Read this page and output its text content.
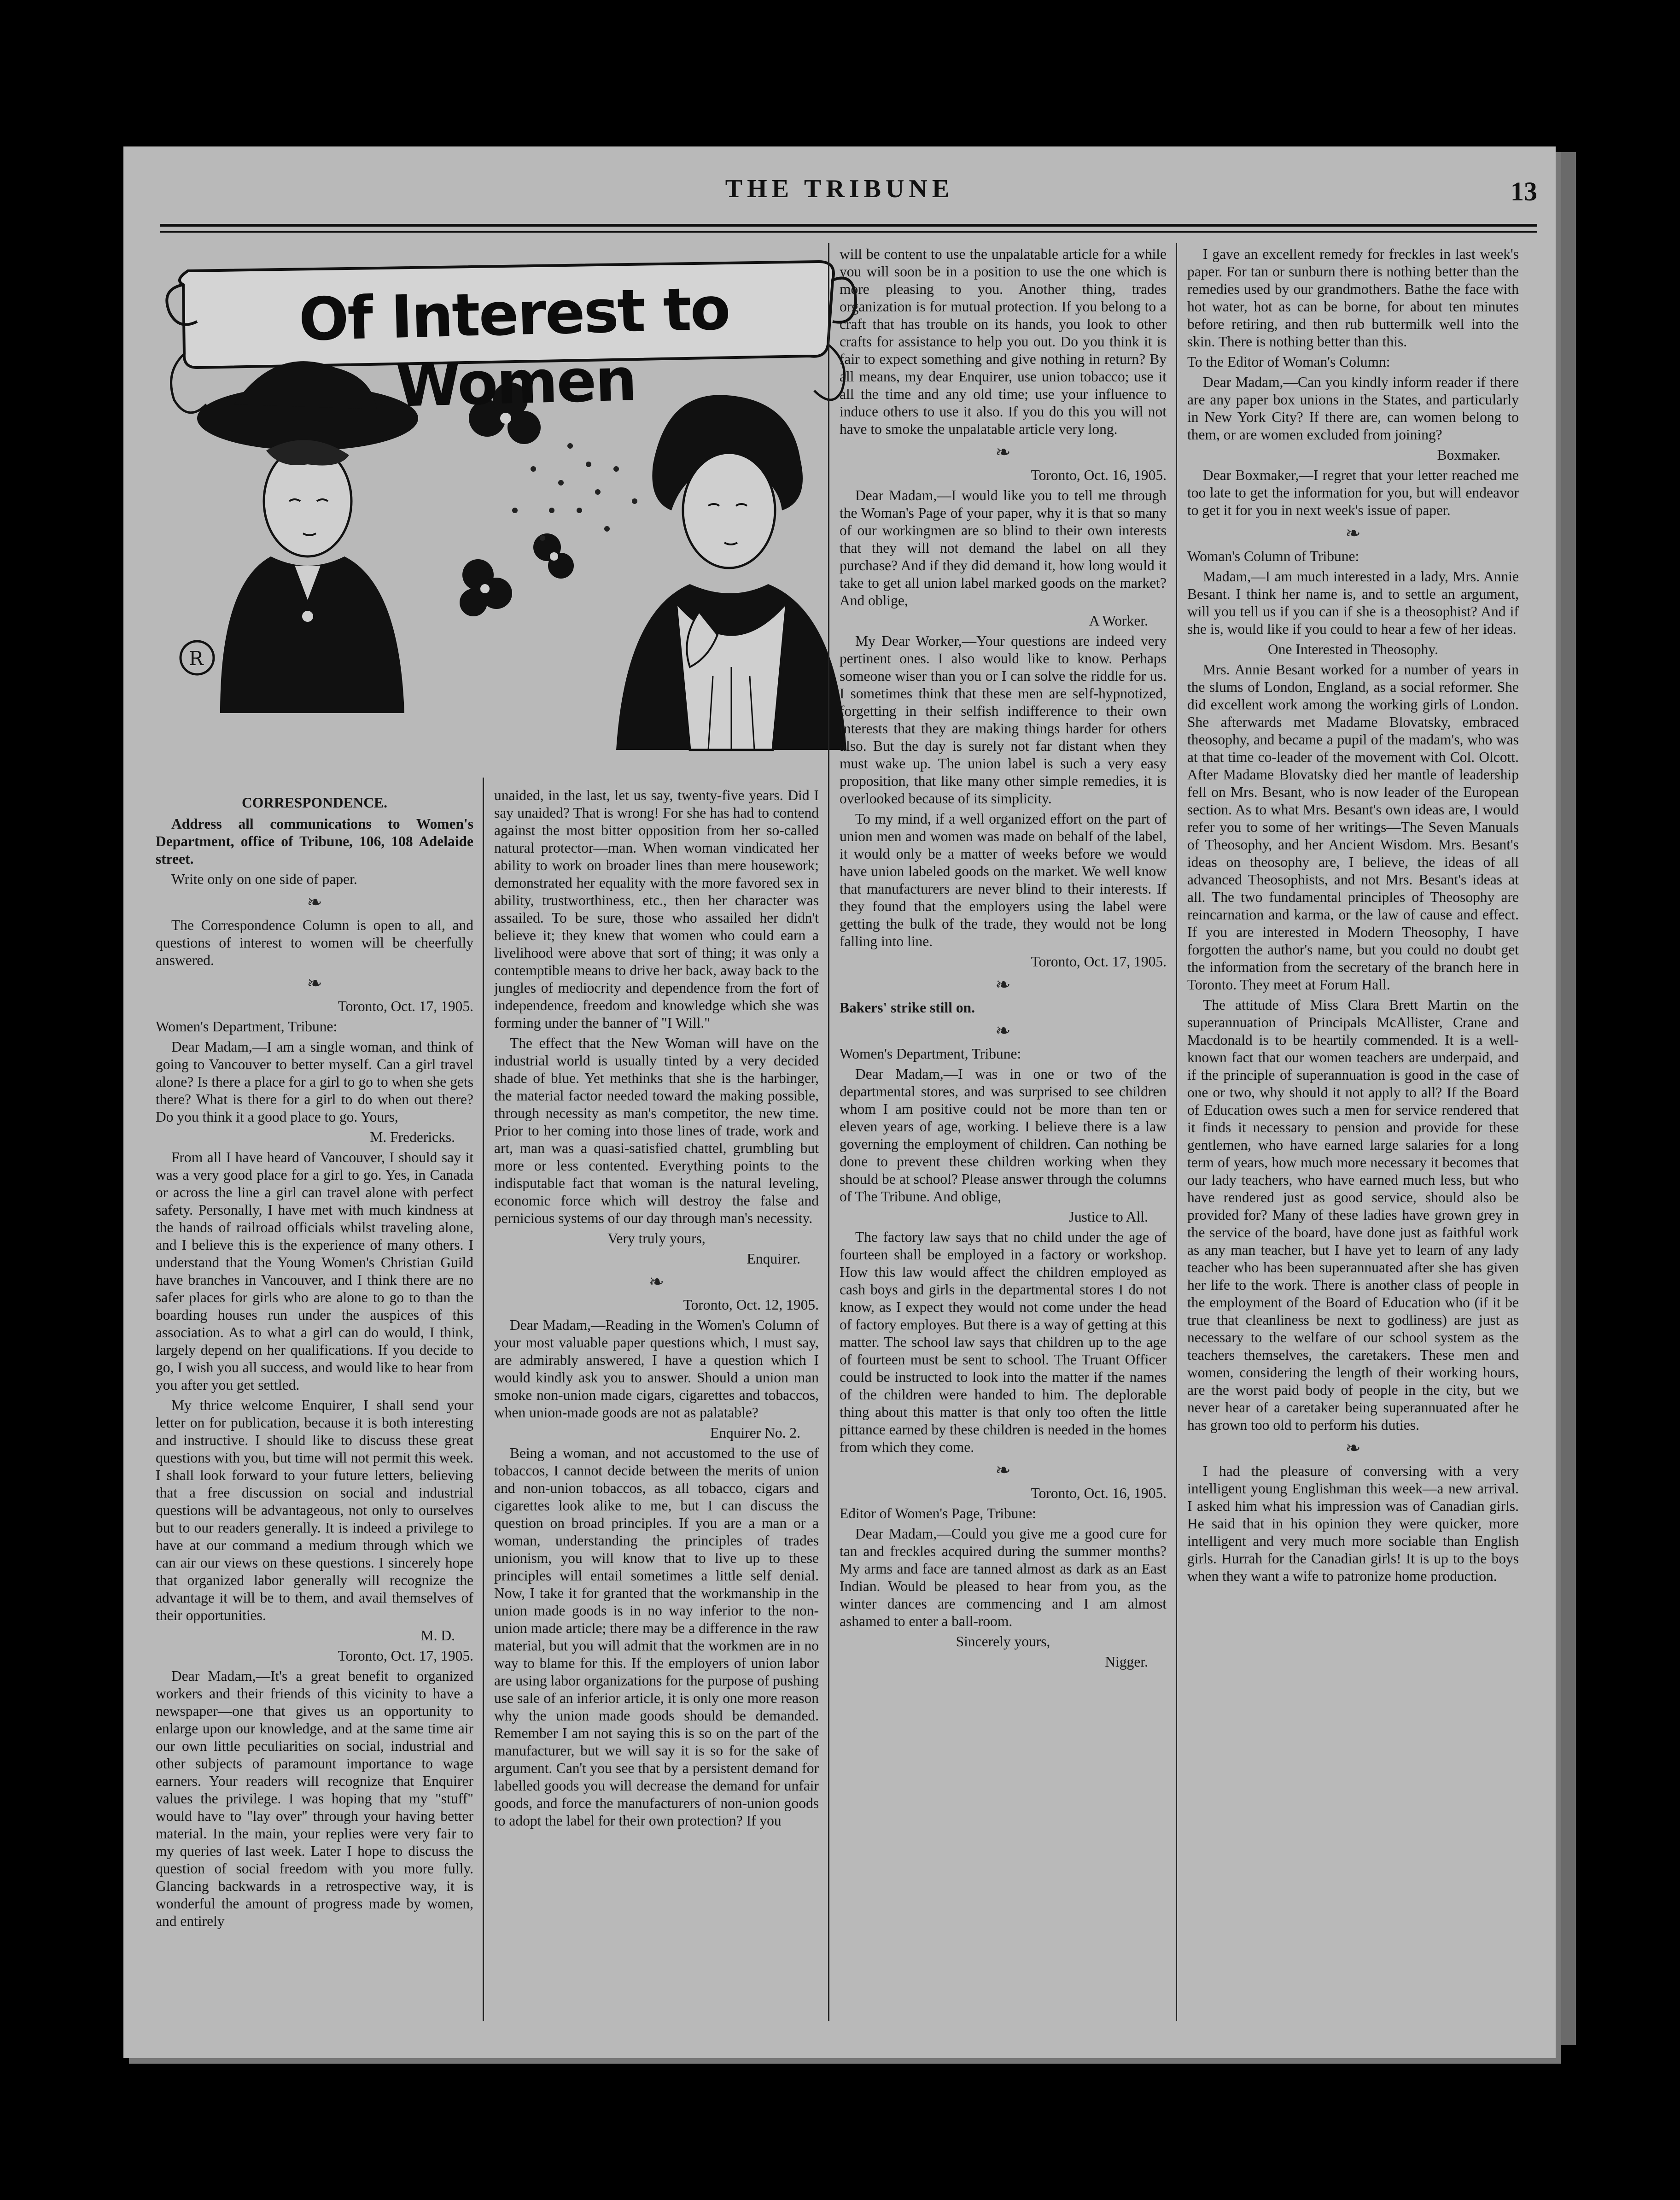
THE TRIBUNE	13
R
Of Interest to Women

CORRESPONDENCE.

Address all communications to Women's Department, office of Tribune, 106, 108 Adelaide street.

Write only on one side of paper.

❧

The Correspondence Column is open to all, and questions of interest to women will be cheerfully answered.

❧

Toronto, Oct. 17, 1905.

Women's Department, Tribune:

Dear Madam,—I am a single woman, and think of going to Vancouver to better myself. Can a girl travel alone? Is there a place for a girl to go to when she gets there? What is there for a girl to do when out there? Do you think it a good place to go. Yours,

M. Fredericks.

From all I have heard of Vancouver, I should say it was a very good place for a girl to go. Yes, in Canada or across the line a girl can travel alone with perfect safety. Personally, I have met with much kindness at the hands of railroad officials whilst traveling alone, and I believe this is the experience of many others. I understand that the Young Women's Christian Guild have branches in Vancouver, and I think there are no safer places for girls who are alone to go to than the boarding houses run under the auspices of this association. As to what a girl can do would, I think, largely depend on her qualifications. If you decide to go, I wish you all success, and would like to hear from you after you get settled.

My thrice welcome Enquirer, I shall send your letter on for publication, because it is both interesting and instructive. I should like to discuss these great questions with you, but time will not permit this week. I shall look forward to your future letters, believing that a free discussion on social and industrial questions will be advantageous, not only to ourselves but to our readers generally. It is indeed a privilege to have at our command a medium through which we can air our views on these questions. I sincerely hope that organized labor generally will recognize the advantage it will be to them, and avail themselves of their opportunities.

M. D.

Toronto, Oct. 17, 1905.

Dear Madam,—It's a great benefit to organized workers and their friends of this vicinity to have a newspaper—one that gives us an opportunity to enlarge upon our knowledge, and at the same time air our own little peculiarities on social, industrial and other subjects of paramount importance to wage earners. Your readers will recognize that Enquirer values the privilege. I was hoping that my "stuff" would have to "lay over" through your having better material. In the main, your replies were very fair to my queries of last week. Later I hope to discuss the question of social freedom with you more fully. Glancing backwards in a retrospective way, it is wonderful the amount of progress made by women, and entirely

unaided, in the last, let us say, twenty-five years. Did I say unaided? That is wrong! For she has had to contend against the most bitter opposition from her so-called natural protector—man. When woman vindicated her ability to work on broader lines than mere housework; demonstrated her equality with the more favored sex in ability, trustworthiness, etc., then her character was assailed. To be sure, those who assailed her didn't believe it; they knew that women who could earn a livelihood were above that sort of thing; it was only a contemptible means to drive her back, away back to the jungles of mediocrity and dependence from the fort of independence, freedom and knowledge which she was forming under the banner of "I Will."

The effect that the New Woman will have on the industrial world is usually tinted by a very decided shade of blue. Yet methinks that she is the harbinger, the material factor needed toward the making possible, through necessity as man's competitor, the new time. Prior to her coming into those lines of trade, work and art, man was a quasi-satisfied chattel, grumbling but more or less contented. Everything points to the indisputable fact that woman is the natural leveling, economic force which will destroy the false and pernicious systems of our day through man's necessity.

Very truly yours,

Enquirer.

❧

Toronto, Oct. 12, 1905.

Dear Madam,—Reading in the Women's Column of your most valuable paper questions which, I must say, are admirably answered, I have a question which I would kindly ask you to answer. Should a union man smoke non-union made cigars, cigarettes and tobaccos, when union-made goods are not as palatable?

Enquirer No. 2.

Being a woman, and not accustomed to the use of tobaccos, I cannot decide between the merits of union and non-union tobaccos, as all tobacco, cigars and cigarettes look alike to me, but I can discuss the question on broad principles. If you are a man or a woman, understanding the principles of trades unionism, you will know that to live up to these principles will entail sometimes a little self denial. Now, I take it for granted that the workmanship in the union made goods is in no way inferior to the non-union made article; there may be a difference in the raw material, but you will admit that the workmen are in no way to blame for this. If the employers of union labor are using labor organizations for the purpose of pushing use sale of an inferior article, it is only one more reason why the union made goods should be demanded. Remember I am not saying this is so on the part of the manufacturer, but we will say it is so for the sake of argument. Can't you see that by a persistent demand for labelled goods you will decrease the demand for unfair goods, and force the manufacturers of non-union goods to adopt the label for their own protection? If you

will be content to use the unpalatable article for a while you will soon be in a position to use the one which is more pleasing to you. Another thing, trades organization is for mutual protection. If you belong to a craft that has trouble on its hands, you look to other crafts for assistance to help you out. Do you think it is fair to expect something and give nothing in return? By all means, my dear Enquirer, use union tobacco; use it all the time and any old time; use your influence to induce others to use it also. If you do this you will not have to smoke the unpalatable article very long.

❧

Toronto, Oct. 16, 1905.

Dear Madam,—I would like you to tell me through the Woman's Page of your paper, why it is that so many of our workingmen are so blind to their own interests that they will not demand the label on all they purchase? And if they did demand it, how long would it take to get all union label marked goods on the market? And oblige,

A Worker.

My Dear Worker,—Your questions are indeed very pertinent ones. I also would like to know. Perhaps someone wiser than you or I can solve the riddle for us. I sometimes think that these men are self-hypnotized, forgetting in their selfish indifference to their own interests that they are making things harder for others also. But the day is surely not far distant when they must wake up. The union label is such a very easy proposition, that like many other simple remedies, it is overlooked because of its simplicity.

To my mind, if a well organized effort on the part of union men and women was made on behalf of the label, it would only be a matter of weeks before we would have union labeled goods on the market. We well know that manufacturers are never blind to their interests. If they found that the employers using the label were getting the bulk of the trade, they would not be long falling into line.

Toronto, Oct. 17, 1905.

❧

Bakers' strike still on.

❧

Women's Department, Tribune:

Dear Madam,—I was in one or two of the departmental stores, and was surprised to see children whom I am positive could not be more than ten or eleven years of age, working. I believe there is a law governing the employment of children. Can nothing be done to prevent these children working when they should be at school? Please answer through the columns of The Tribune. And oblige,

Justice to All.

The factory law says that no child under the age of fourteen shall be employed in a factory or workshop. How this law would affect the children employed as cash boys and girls in the departmental stores I do not know, as I expect they would not come under the head of factory employes. But there is a way of getting at this matter. The school law says that children up to the age of fourteen must be sent to school. The Truant Officer could be instructed to look into the matter if the names of the children were handed to him. The deplorable thing about this matter is that only too often the little pittance earned by these children is needed in the homes from which they come.

❧

Toronto, Oct. 16, 1905.

Editor of Women's Page, Tribune:

Dear Madam,—Could you give me a good cure for tan and freckles acquired during the summer months? My arms and face are tanned almost as dark as an East Indian. Would be pleased to hear from you, as the winter dances are commencing and I am almost ashamed to enter a ball-room.

Sincerely yours,

Nigger.

I gave an excellent remedy for freckles in last week's paper. For tan or sunburn there is nothing better than the remedies used by our grandmothers. Bathe the face with hot water, hot as can be borne, for about ten minutes before retiring, and then rub buttermilk well into the skin. There is nothing better than this.

To the Editor of Woman's Column:

Dear Madam,—Can you kindly inform reader if there are any paper box unions in the States, and particularly in New York City? If there are, can women belong to them, or are women excluded from joining?

Boxmaker.

Dear Boxmaker,—I regret that your letter reached me too late to get the information for you, but will endeavor to get it for you in next week's issue of paper.

❧

Woman's Column of Tribune:

Madam,—I am much interested in a lady, Mrs. Annie Besant. I think her name is, and to settle an argument, will you tell us if you can if she is a theosophist? And if she is, would like if you could to hear a few of her ideas.

One Interested in Theosophy.

Mrs. Annie Besant worked for a number of years in the slums of London, England, as a social reformer. She did excellent work among the working girls of London. She afterwards met Madame Blovatsky, embraced theosophy, and became a pupil of the madam's, who was at that time co-leader of the movement with Col. Olcott. After Madame Blovatsky died her mantle of leadership fell on Mrs. Besant, who is now leader of the European section. As to what Mrs. Besant's own ideas are, I would refer you to some of her writings—The Seven Manuals of Theosophy, and her Ancient Wisdom. Mrs. Besant's ideas on theosophy are, I believe, the ideas of all advanced Theosophists, and not Mrs. Besant's ideas at all. The two fundamental principles of Theosophy are reincarnation and karma, or the law of cause and effect. If you are interested in Modern Theosophy, I have forgotten the author's name, but you could no doubt get the information from the secretary of the branch here in Toronto. They meet at Forum Hall.

The attitude of Miss Clara Brett Martin on the superannuation of Principals McAllister, Crane and Macdonald is to be heartily commended. It is a well-known fact that our women teachers are underpaid, and if the principle of superannuation is good in the case of one or two, why should it not apply to all? If the Board of Education owes such a men for service rendered that it finds it necessary to pension and provide for these gentlemen, who have earned large salaries for a long term of years, how much more necessary it becomes that our lady teachers, who have earned much less, but who have rendered just as good service, should also be provided for? Many of these ladies have grown grey in the service of the board, have done just as faithful work as any man teacher, but I have yet to learn of any lady teacher who has been superannuated after she has given her life to the work. There is another class of people in the employment of the Board of Education who (if it be true that cleanliness be next to godliness) are just as necessary to the welfare of our school system as the teachers themselves, the caretakers. These men and women, considering the length of their working hours, are the worst paid body of people in the city, but we never hear of a caretaker being superannuated after he has grown too old to perform his duties.

❧

I had the pleasure of conversing with a very intelligent young Englishman this week—a new arrival. I asked him what his impression was of Canadian girls. He said that in his opinion they were quicker, more intelligent and very much more sociable than English girls. Hurrah for the Canadian girls! It is up to the boys when they want a wife to patronize home production.
